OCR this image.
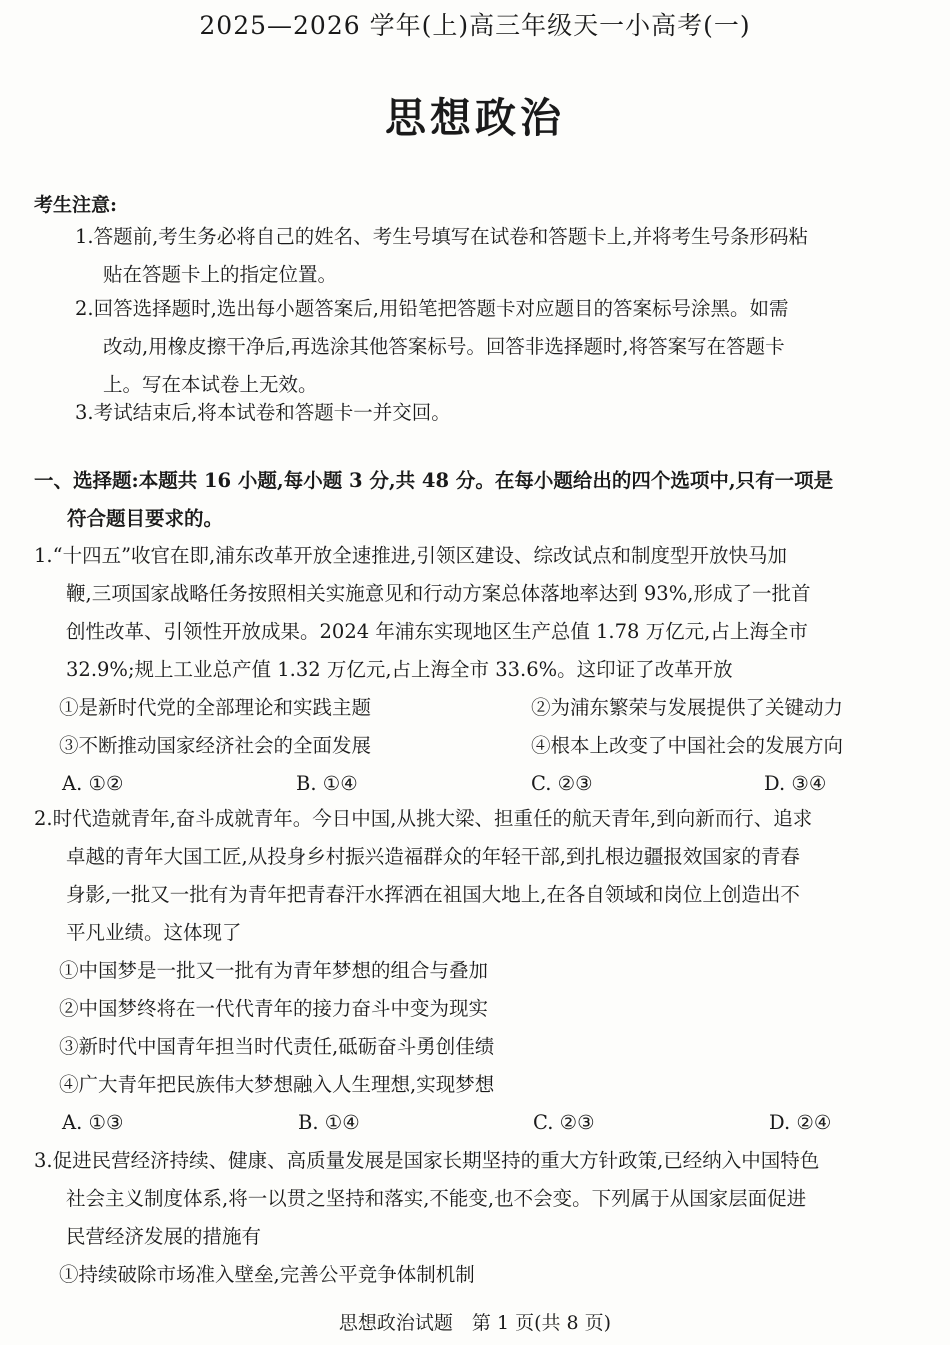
2025—2026 学年(上)高三年级天一小高考(一)
思想政治
考生注意:
1.答题前,考生务必将自己的姓名、考生号填写在试卷和答题卡上,并将考生号条形码粘
贴在答题卡上的指定位置。
2.回答选择题时,选出每小题答案后,用铅笔把答题卡对应题目的答案标号涂黑。如需
改动,用橡皮擦干净后,再选涂其他答案标号。回答非选择题时,将答案写在答题卡
上。写在本试卷上无效。
3.考试结束后,将本试卷和答题卡一并交回。
一、选择题:本题共 16 小题,每小题 3 分,共 48 分。在每小题给出的四个选项中,只有一项是
符合题目要求的。
1.“十四五”收官在即,浦东改革开放全速推进,引领区建设、综改试点和制度型开放快马加
鞭,三项国家战略任务按照相关实施意见和行动方案总体落地率达到 93%,形成了一批首
创性改革、引领性开放成果。2024 年浦东实现地区生产总值 1.78 万亿元,占上海全市
32.9%;规上工业总产值 1.32 万亿元,占上海全市 33.6%。这印证了改革开放
①是新时代党的全部理论和实践主题	②为浦东繁荣与发展提供了关键动力
③不断推动国家经济社会的全面发展	④根本上改变了中国社会的发展方向
A. ①②	B. ①④	C. ②③	D. ③④
2.时代造就青年,奋斗成就青年。今日中国,从挑大梁、担重任的航天青年,到向新而行、追求
卓越的青年大国工匠,从投身乡村振兴造福群众的年轻干部,到扎根边疆报效国家的青春
身影,一批又一批有为青年把青春汗水挥洒在祖国大地上,在各自领域和岗位上创造出不
平凡业绩。这体现了
①中国梦是一批又一批有为青年梦想的组合与叠加
②中国梦终将在一代代青年的接力奋斗中变为现实
③新时代中国青年担当时代责任,砥砺奋斗勇创佳绩
④广大青年把民族伟大梦想融入人生理想,实现梦想
A. ①③	B. ①④	C. ②③	D. ②④
3.促进民营经济持续、健康、高质量发展是国家长期坚持的重大方针政策,已经纳入中国特色
社会主义制度体系,将一以贯之坚持和落实,不能变,也不会变。下列属于从国家层面促进
民营经济发展的措施有
①持续破除市场准入壁垒,完善公平竞争体制机制
思想政治试题　第 1 页(共 8 页)
